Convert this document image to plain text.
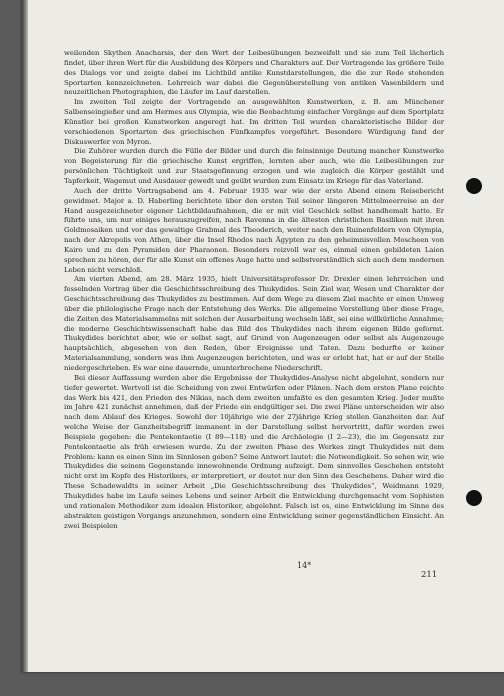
weilenden Skythen Anacharsis, der den Wert der Leibesübungen bezweifelt und sie zum Teil lächerlich findet, über ihren Wert für die Ausbildung des Körpers und Charakters auf. Der Vortragende las größere Teile des Dialogs vor und zeigte dabei im Lichtbild antike Kunstdarstellungen, die die zur Rede stehenden Sportarten kennzeichneten. Lehrreich war dabei die Gegenüberstellung von antiken Vasenbildern und neuzeitlichen Photographien, die Läufer im Lauf darstellen.

Im zweiten Teil zeigte der Vortragende an ausgewählten Kunstwerken, z. B. am Münchener Salbenseingießer und am Hermes aus Olympia, wie die Beobachtung einfacher Vorgänge auf dem Sportplatz Künstler bei großen Kunstwerken angeregt hat. Im dritten Teil wurden charakteristische Bilder der verschiedenen Sportarten des griechischen Fünfkampfes vorgeführt. Besondere Würdigung fand der Diskuswerfer von Myron.

Die Zuhörer wurden durch die Fülle der Bilder und durch die feinsinnige Deutung mancher Kunstwerke von Begeisterung für die griechische Kunst ergriffen, lernten aber auch, wie die Leibesübungen zur persönlichen Tüchtigkeit und zur Staatsgefinnung erzogen und wie zugleich die Körper gestählt und Tapferkeit, Wagemut und Ausdauer gewedt und geübt wurden zum Einsatz im Kriege für das Vaterland.

Auch der dritte Vortragsabend am 4. Februar 1935 war wie der erste Abend einem Reisebericht gewidmet. Major a. D. Haberling berichtete über den ersten Teil seiner längeren Mittelmeerreise an der Hand ausgezeichneter eigener Lichtbildaufnahmen, die er mit viel Geschick selbst handhemalt hatte. Er führte uns, um nur einiges herauszugreifen, nach Ravenna in die ältesten christlichen Basiliken mit ihren Goldmosaiken und vor das gewaltige Grabmal des Theoderich, weiter nach den Ruinenfeldern von Olympia, nach der Akropolis von Athen, über die Insel Rhodos nach Ägypten zu den geheimnisvollen Moscheen von Kairo und zu den Pyramiden der Pharaonen. Besonders reizvoll war es, einmal einen gebildeten Laien sprechen zu hören, der für alle Kunst ein offenes Auge hatte und selbstverständlich sich auch dem modernen Leben nicht verschloß.

Am vierten Abend, am 28. März 1935, hielt Universitätsprofessor Dr. Drexler einen lehrreichen und fesselnden Vortrag über die Geschichtsschreibung des Thukydides. Sein Ziel war, Wesen und Charakter der Geschichtsschreibung des Thukydides zu bestimmen. Auf dem Wege zu diesem Ziel machte er einen Umweg über die philologische Frage nach der Entstehung des Werks. Die allgemeine Vorstellung über diese Frage, die Zeiten des Materialsammelns mit solchen der Ausarbeitung wechseln läßt, sei eine willkürliche Annahme; die moderne Geschichtswissenschaft habe das Bild des Thukydides nach ihrem eigenen Bilde geformt. Thukydides berichtet aber, wie er selbst sagt, auf Grund von Augenzeugen oder selbst als Augenzeuge hauptsächlich, abgesehen von den Reden, über Ereignisse und Taten. Dazu bedurfte er keiner Materialsammlung, sondern was ihm Augenzeugen berichteten, und was er erlebt hat, hat er auf der Stelle niedergeschrieben. Es war eine dauernde, ununterbrochene Niederschrift.

Bei dieser Auffassung werden aber die Ergebnisse der Thukydides-Analyse nicht abgelehnt, sondern nur tiefer gewertet. Wertvoll ist die Scheidung von zwei Entwürfen oder Plänen. Nach dem ersten Plane reichte das Werk bis 421, den Frieden des Nikias, nach dem zweiten umfaßte es den gesamten Krieg. Jeder mußte im Jahre 421 zunächst annehmen, daß der Friede ein endgültiger sei. Die zwei Pläne unterscheiden wir also nach dem Ablauf des Krieges. Sowohl der 10jährige wie der 27jährige Krieg stellen Ganzheiten dar. Auf welche Weise der Ganzheitsbegriff immanent in der Darstellung selbst hervortritt, dafür werden zwei Beispiele gegeben: die Pentekontaetie (I 89—118) und die Archäologie (I 2—23), die im Gegensatz zur Pentekontaetie als früh erwiesen wurde. Zu der zweiten Phase des Werkes zingt Thukydides mit dem Problem: kann es einen Sinn im Sinnlosen geben? Seine Antwort lautet: die Notwendigkeit. So sehen wir, wie Thukydides die seinem Gegenstande innewohnende Ordnung aufzeigt. Dem sinnvolles Geschehen entsteht nicht erst im Kopfe des Historikers, er interpretiert, er deutet nur den Sinn des Geschehens. Daher wird die These Schadewaldts in seiner Arbeit „Die Geschichtsschreibung des Thukydides“, Weidmann 1929, Thukydides habe im Laufe seines Lebens und seiner Arbeit die Entwicklung durchgemacht vom Sophisten und rationalen Methodiker zum idealen Historiker, abgelehnt. Falsch ist es, eine Entwicklung im Sinne des abstrakten geistigen Vorgangs anzunehmen, sondern eine Entwicklung seiner gegenständlichen Einsicht. An zwei Beispielen

14*
211
